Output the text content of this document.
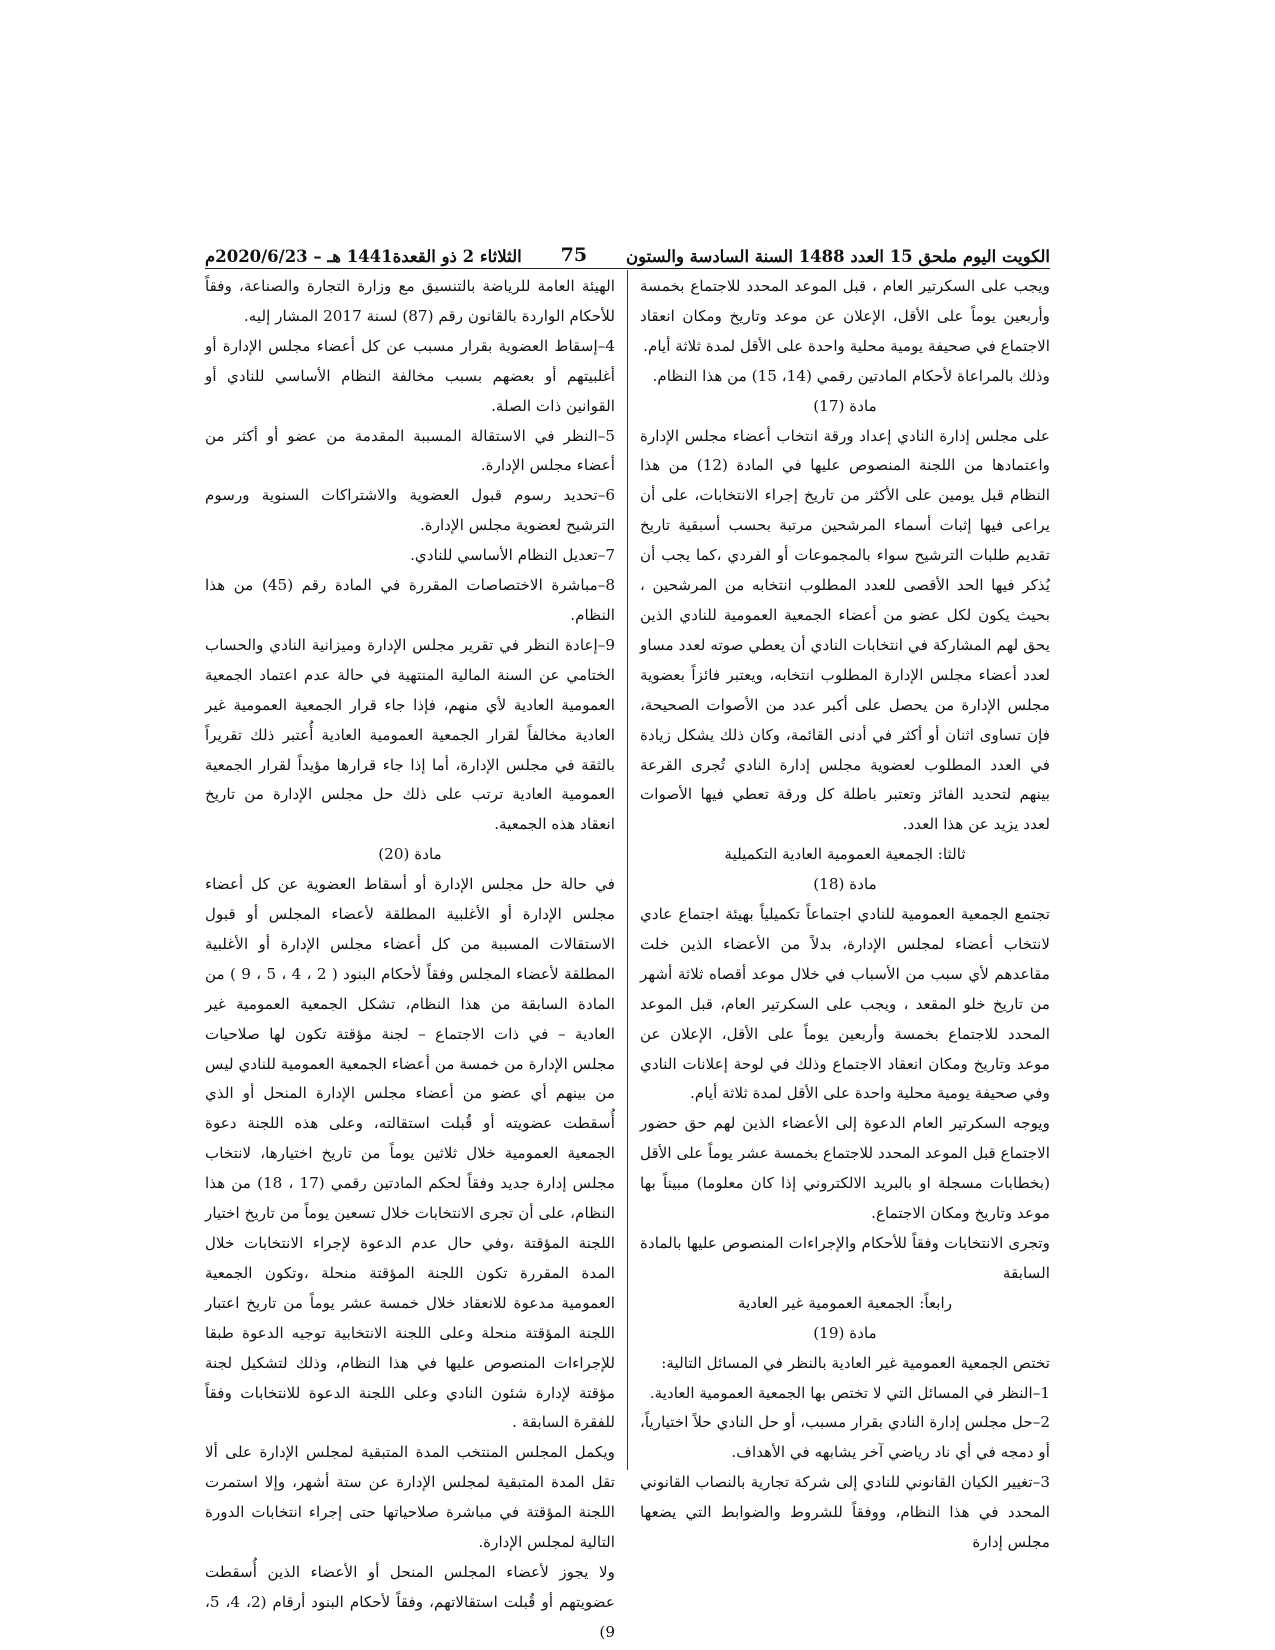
الكويت اليوم ملحق 15 العدد 1488 السنة السادسة والستون
75
الثلاثاء 2 ذو القعدة1441 هـ – 2020/6/23م

ويجب على السكرتير العام ، قبل الموعد المحدد للاجتماع بخمسة وأربعين يوماً على الأقل، الإعلان عن موعد وتاريخ ومكان انعقاد الاجتماع في صحيفة يومية محلية واحدة على الأقل لمدة ثلاثة أيام.

وذلك بالمراعاة لأحكام المادتين رقمي (14، 15) من هذا النظام.

مادة (17)

على مجلس إدارة النادي إعداد ورقة انتخاب أعضاء مجلس الإدارة واعتمادها من اللجنة المنصوص عليها في المادة (12) من هذا النظام قبل يومين على الأكثر من تاريخ إجراء الانتخابات، على أن يراعى فيها إثبات أسماء المرشحين مرتبة بحسب أسبقية تاريخ تقديم طلبات الترشيح سواء بالمجموعات أو الفردي ،كما يجب أن يُذكر فيها الحد الأقصى للعدد المطلوب انتخابه من المرشحين ، بحيث يكون لكل عضو من أعضاء الجمعية العمومية للنادي الذين يحق لهم المشاركة في انتخابات النادي أن يعطي صوته لعدد مساو لعدد أعضاء مجلس الإدارة المطلوب انتخابه، ويعتبر فائزاً بعضوية مجلس الإدارة من يحصل على أكبر عدد من الأصوات الصحيحة، فإن تساوى اثنان أو أكثر في أدنى القائمة، وكان ذلك يشكل زيادة في العدد المطلوب لعضوية مجلس إدارة النادي تُجرى القرعة بينهم لتحديد الفائز وتعتبر باطلة كل ورقة تعطي فيها الأصوات لعدد يزيد عن هذا العدد.

ثالثا: الجمعية العمومية العادية التكميلية

مادة (18)

تجتمع الجمعية العمومية للنادي اجتماعاً تكميلياً بهيئة اجتماع عادي لانتخاب أعضاء لمجلس الإدارة، بدلاً من الأعضاء الذين خلت مقاعدهم لأي سبب من الأسباب في خلال موعد أقصاه ثلاثة أشهر من تاريخ خلو المقعد ، ويجب على السكرتير العام، قبل الموعد المحدد للاجتماع بخمسة وأربعين يوماً على الأقل، الإعلان عن موعد وتاريخ ومكان انعقاد الاجتماع وذلك في لوحة إعلانات النادي وفي صحيفة يومية محلية واحدة على الأقل لمدة ثلاثة أيام.

ويوجه السكرتير العام الدعوة إلى الأعضاء الذين لهم حق حضور الاجتماع قبل الموعد المحدد للاجتماع بخمسة عشر يوماً على الأقل (بخطابات مسجلة او بالبريد الالكتروني إذا كان معلوما) مبيناً بها موعد وتاريخ ومكان الاجتماع.

وتجرى الانتخابات وفقاً للأحكام والإجراءات المنصوص عليها بالمادة السابقة

رابعاً: الجمعية العمومية غير العادية

مادة (19)

تختص الجمعية العمومية غير العادية بالنظر في المسائل التالية:

1–النظر في المسائل التي لا تختص بها الجمعية العمومية العادية.

2–حل مجلس إدارة النادي بقرار مسبب، أو حل النادي حلاً اختيارياً، أو دمجه في أي ناد رياضي آخر يشابهه في الأهداف.

3–تغيير الكيان القانوني للنادي إلى شركة تجارية بالنصاب القانوني المحدد في هذا النظام، ووفقاً للشروط والضوابط التي يضعها مجلس إدارة

الهيئة العامة للرياضة بالتنسيق مع وزارة التجارة والصناعة، وفقاً للأحكام الواردة بالقانون رقم (87) لسنة 2017 المشار إليه.

4–إسقاط العضوية بقرار مسبب عن كل أعضاء مجلس الإدارة أو أغلبيتهم أو بعضهم بسبب مخالفة النظام الأساسي للنادي أو القوانين ذات الصلة.

5–النظر في الاستقالة المسببة المقدمة من عضو أو أكثر من أعضاء مجلس الإدارة.

6–تحديد رسوم قبول العضوية والاشتراكات السنوية ورسوم الترشيح لعضوية مجلس الإدارة.

7–تعديل النظام الأساسي للنادي.

8–مباشرة الاختصاصات المقررة في المادة رقم (45) من هذا النظام.

9–إعادة النظر في تقرير مجلس الإدارة وميزانية النادي والحساب الختامي عن السنة المالية المنتهية في حالة عدم اعتماد الجمعية العمومية العادية لأي منهم، فإذا جاء قرار الجمعية العمومية غير العادية مخالفاً لقرار الجمعية العمومية العادية أُعتبر ذلك تقريراً بالثقة في مجلس الإدارة، أما إذا جاء قرارها مؤيداً لقرار الجمعية العمومية العادية ترتب على ذلك حل مجلس الإدارة من تاريخ انعقاد هذه الجمعية.

مادة (20)

في حالة حل مجلس الإدارة أو أسقاط العضوية عن كل أعضاء مجلس الإدارة أو الأغلبية المطلقة لأعضاء المجلس أو قبول الاستقالات المسببة من كل أعضاء مجلس الإدارة أو الأغلبية المطلقة لأعضاء المجلس وفقاً لأحكام البنود ( 2 ، 4 ، 5 ، 9 ) من المادة السابقة من هذا النظام، تشكل الجمعية العمومية غير العادية – في ذات الاجتماع – لجنة مؤقتة تكون لها صلاحيات مجلس الإدارة من خمسة من أعضاء الجمعية العمومية للنادي ليس من بينهم أي عضو من أعضاء مجلس الإدارة المنحل أو الذي أُسقطت عضويته أو قُبلت استقالته، وعلى هذه اللجنة دعوة الجمعية العمومية خلال ثلاثين يوماً من تاريخ اختيارها، لانتخاب مجلس إدارة جديد وفقاً لحكم المادتين رقمي (17 ، 18) من هذا النظام، على أن تجرى الانتخابات خلال تسعين يوماً من تاريخ اختيار اللجنة المؤقتة ،وفي حال عدم الدعوة لإجراء الانتخابات خلال المدة المقررة تكون اللجنة المؤقتة منحلة ،وتكون الجمعية العمومية مدعوة للانعقاد خلال خمسة عشر يوماً من تاريخ اعتبار اللجنة المؤقتة منحلة وعلى اللجنة الانتخابية توجيه الدعوة طبقا للإجراءات المنصوص عليها في هذا النظام، وذلك لتشكيل لجنة مؤقتة لإدارة شئون النادي وعلى اللجنة الدعوة للانتخابات وفقاً للفقرة السابقة .

ويكمل المجلس المنتخب المدة المتبقية لمجلس الإدارة على ألا تقل المدة المتبقية لمجلس الإدارة عن ستة أشهر، وإلا استمرت اللجنة المؤقتة في مباشرة صلاحياتها حتى إجراء انتخابات الدورة التالية لمجلس الإدارة.

ولا يجوز لأعضاء المجلس المنحل أو الأعضاء الذين أُسقطت عضويتهم أو قُبلت استقالاتهم، وفقاً لأحكام البنود أرقام (2، 4، 5، 9)
